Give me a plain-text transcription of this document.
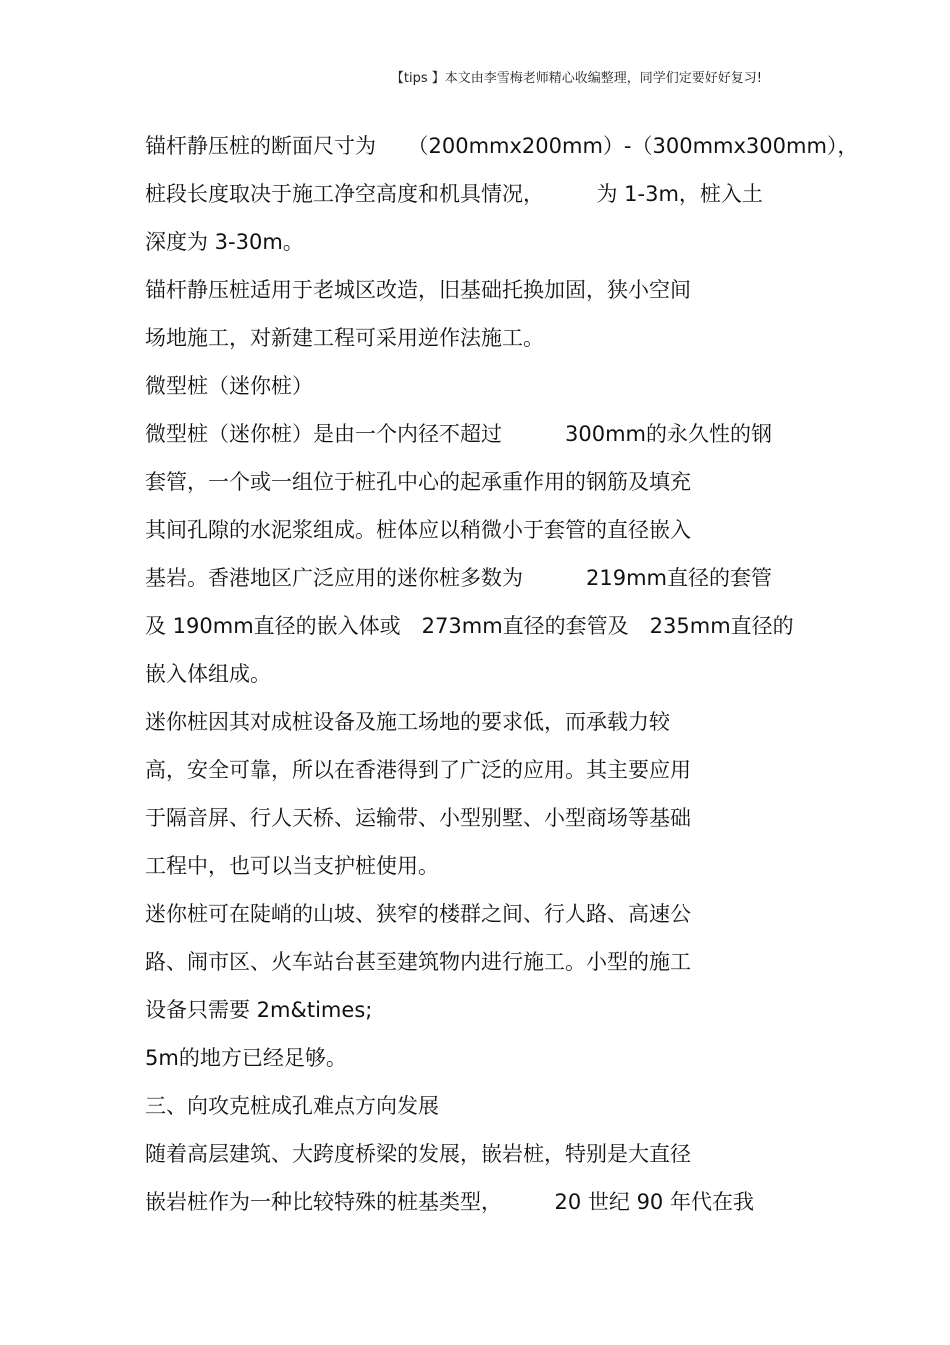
【tips 】本文由李雪梅老师精心收编整理，同学们定要好好复习!
锚杆静压桩的断面尺寸为　　（200mmx200mm）-（300mmx300mm），
桩段长度取决于施工净空高度和机具情况，　　　为 1-3m，桩入土
深度为 3-30m。
锚杆静压桩适用于老城区改造，旧基础托换加固，狭小空间
场地施工，对新建工程可采用逆作法施工。
微型桩（迷你桩）
微型桩（迷你桩）是由一个内径不超过　　　300mm的永久性的钢
套管，一个或一组位于桩孔中心的起承重作用的钢筋及填充
其间孔隙的水泥浆组成。桩体应以稍微小于套管的直径嵌入
基岩。香港地区广泛应用的迷你桩多数为　　　219mm直径的套管
及 190mm直径的嵌入体或　273mm直径的套管及　235mm直径的
嵌入体组成。
迷你桩因其对成桩设备及施工场地的要求低，而承载力较
高，安全可靠，所以在香港得到了广泛的应用。其主要应用
于隔音屏、行人天桥、运输带、小型别墅、小型商场等基础
工程中，也可以当支护桩使用。
迷你桩可在陡峭的山坡、狭窄的楼群之间、行人路、高速公
路、闹市区、火车站台甚至建筑物内进行施工。小型的施工
设备只需要 2m&times;
5m的地方已经足够。
三、向攻克桩成孔难点方向发展
随着高层建筑、大跨度桥梁的发展，嵌岩桩，特别是大直径
嵌岩桩作为一种比较特殊的桩基类型，　　　20 世纪 90 年代在我
